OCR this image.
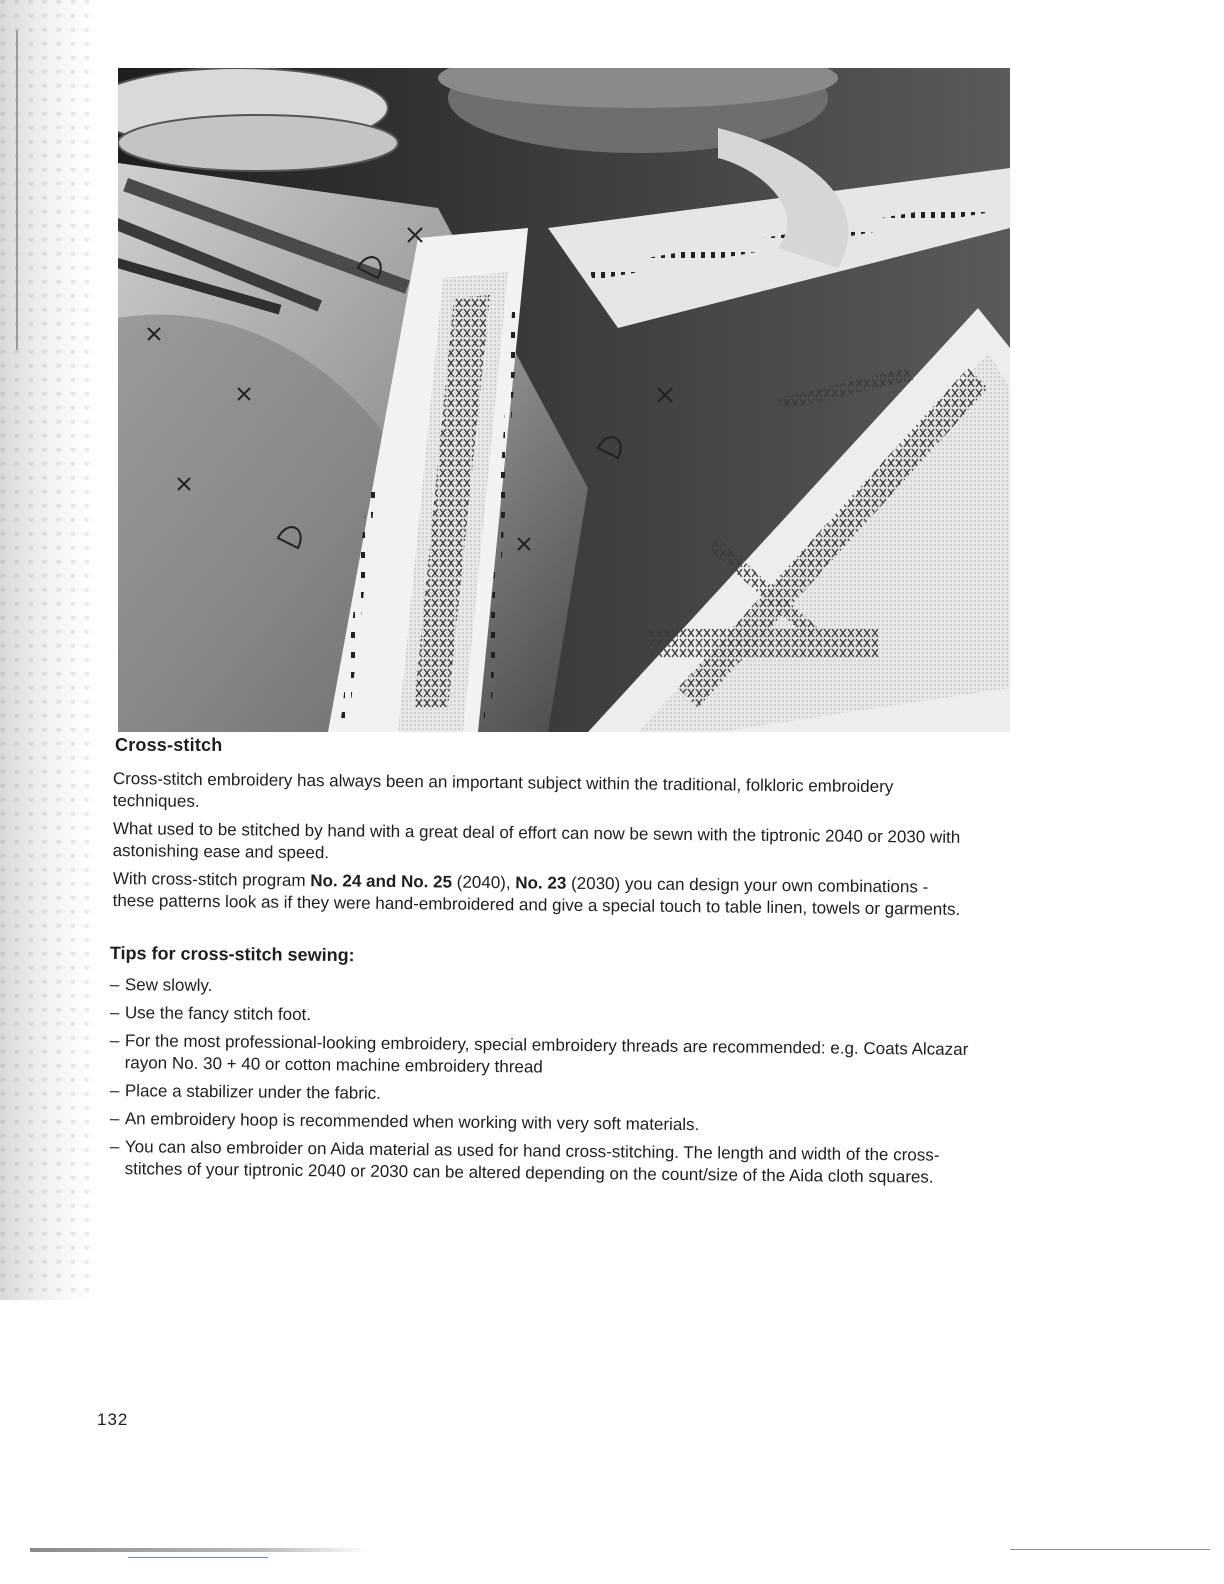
Cross-stitch

Cross-stitch embroidery has always been an important subject within the traditional, folkloric embroidery techniques.

What used to be stitched by hand with a great deal of effort can now be sewn with the tiptronic 2040 or 2030 with astonishing ease and speed.

With cross-stitch program No. 24 and No. 25 (2040), No. 23 (2030) you can design your own combinations - these patterns look as if they were hand-embroidered and give a special touch to table linen, towels or garments.

Tips for cross-stitch sewing:
– Sew slowly.
– Use the fancy stitch foot.
– For the most professional-looking embroidery, special embroidery threads are recommended: e.g. Coats Alcazar rayon No. 30 + 40 or cotton machine embroidery thread
– Place a stabilizer under the fabric.
– An embroidery hoop is recommended when working with very soft materials.
– You can also embroider on Aida material as used for hand cross-stitching. The length and width of the cross-stitches of your tiptronic 2040 or 2030 can be altered depending on the count/size of the Aida cloth squares.
132
